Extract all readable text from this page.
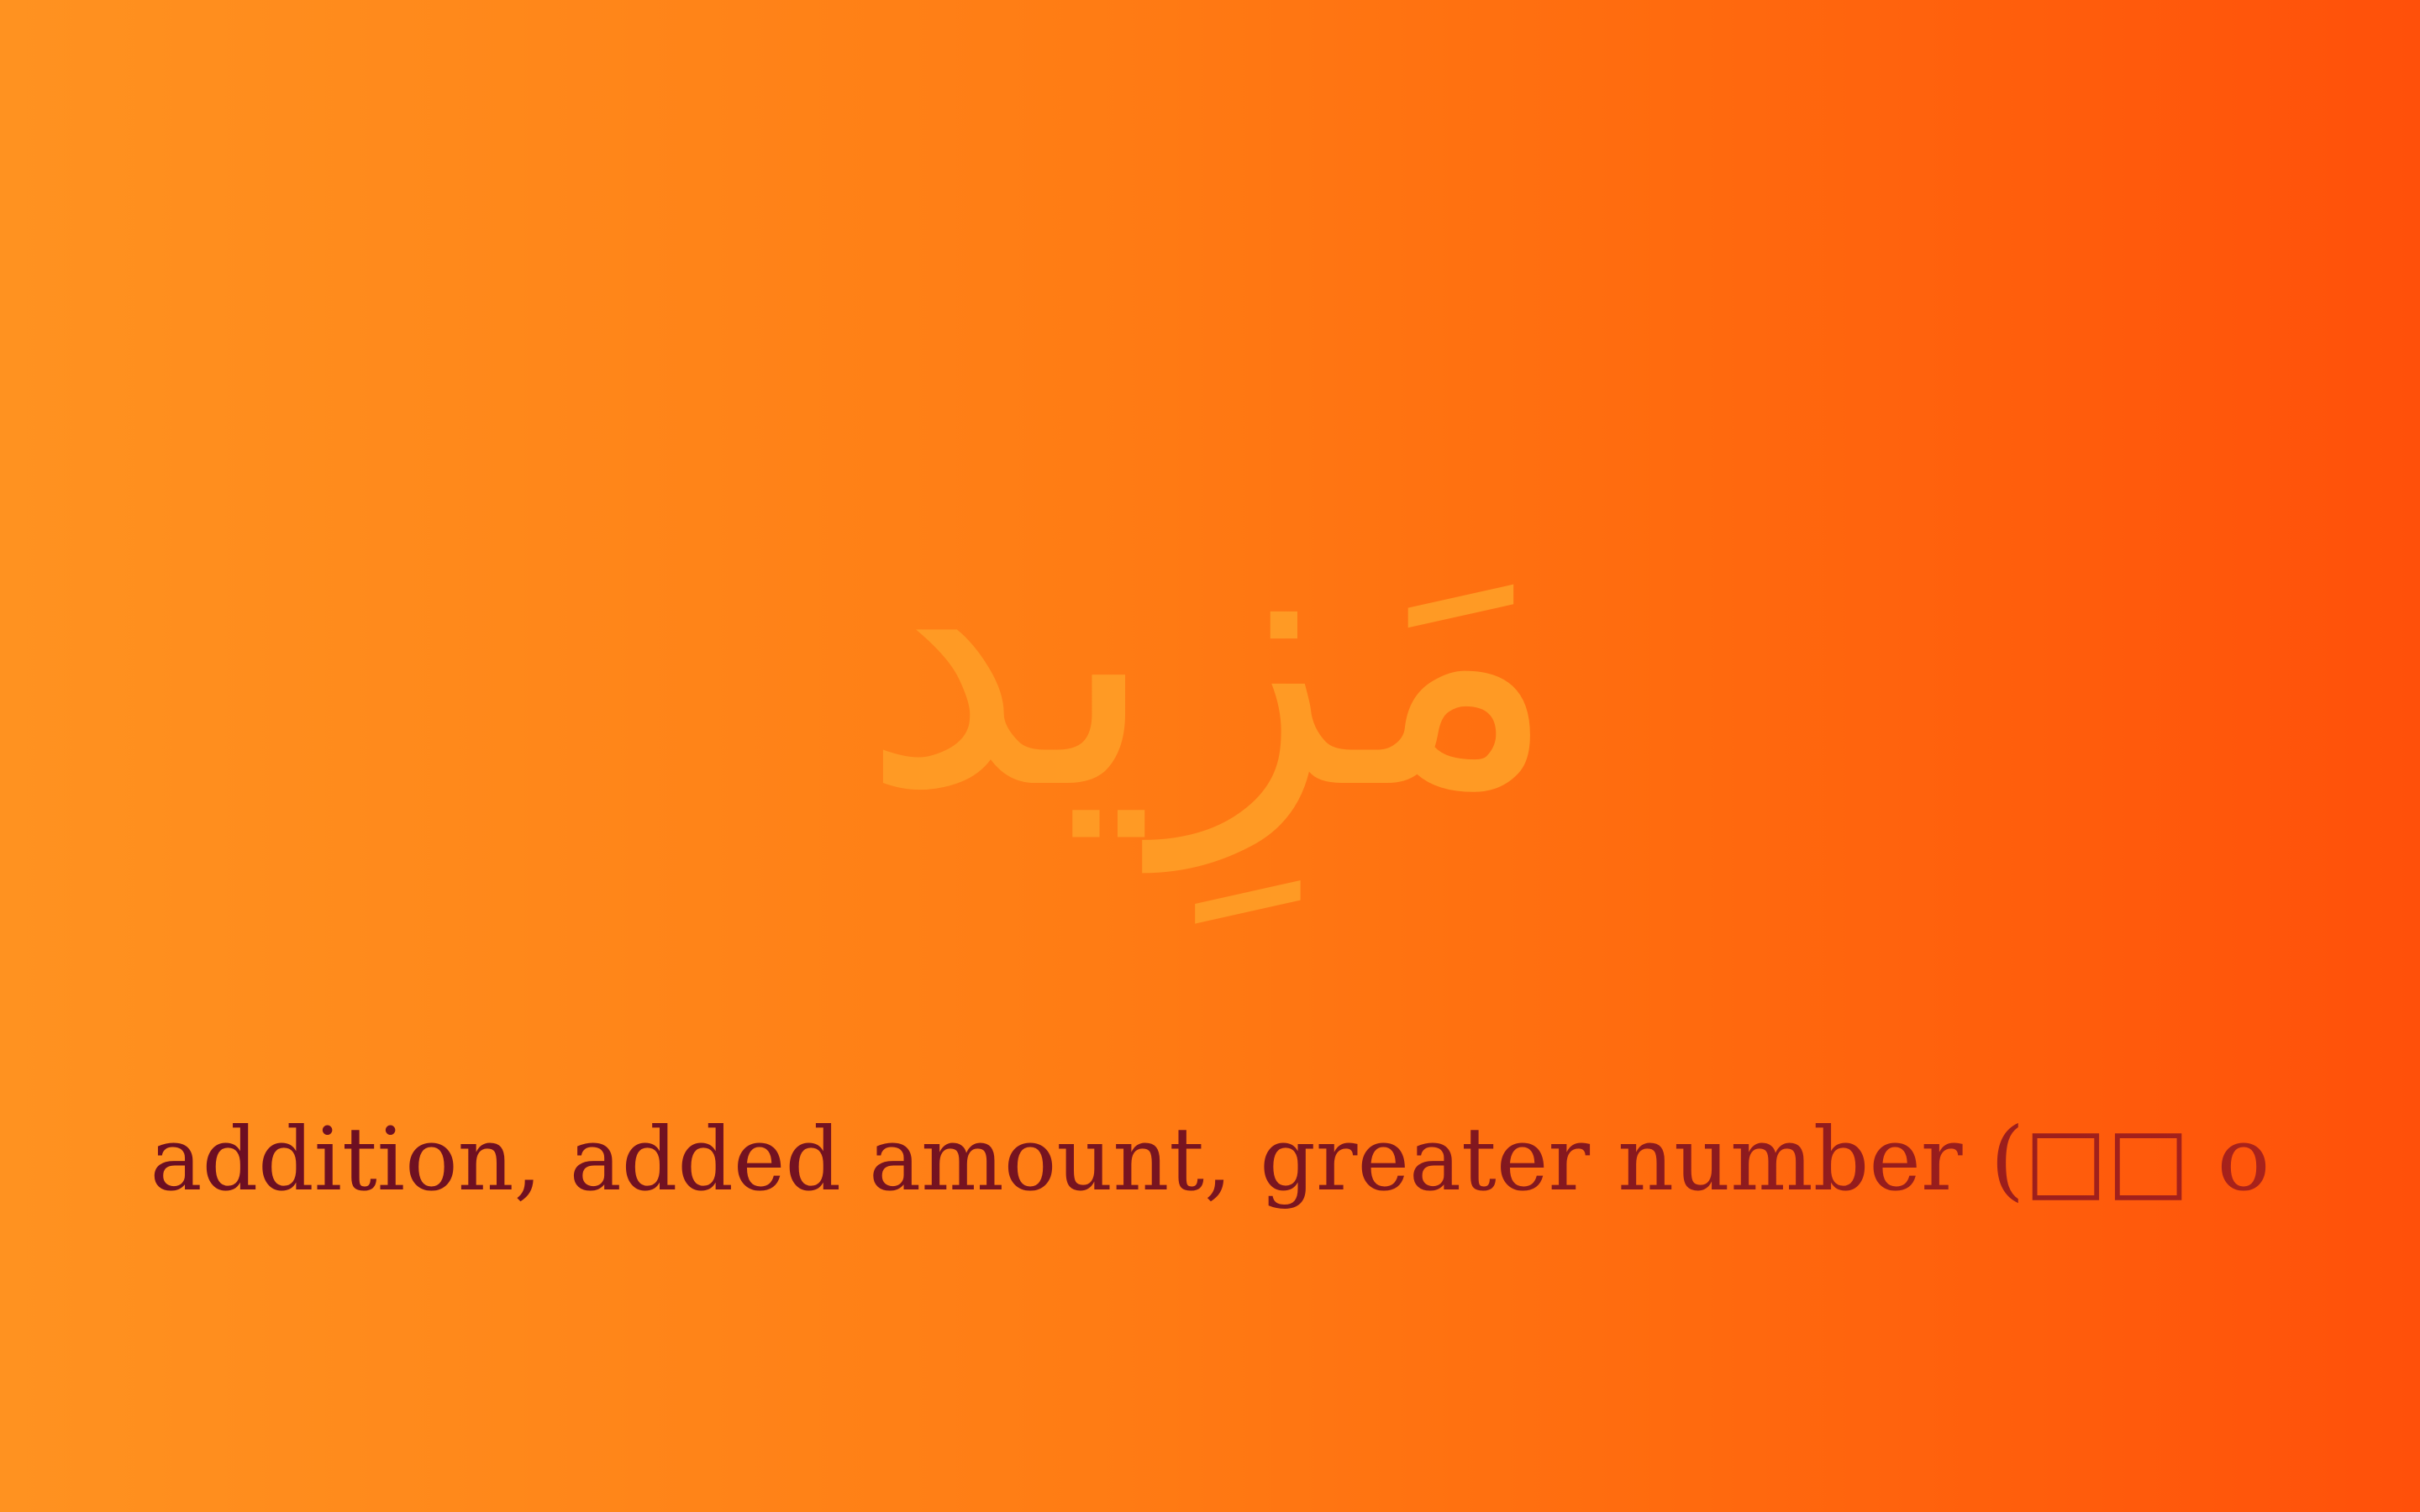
مَزِيد
addition, added amount, greater number (□□ o
